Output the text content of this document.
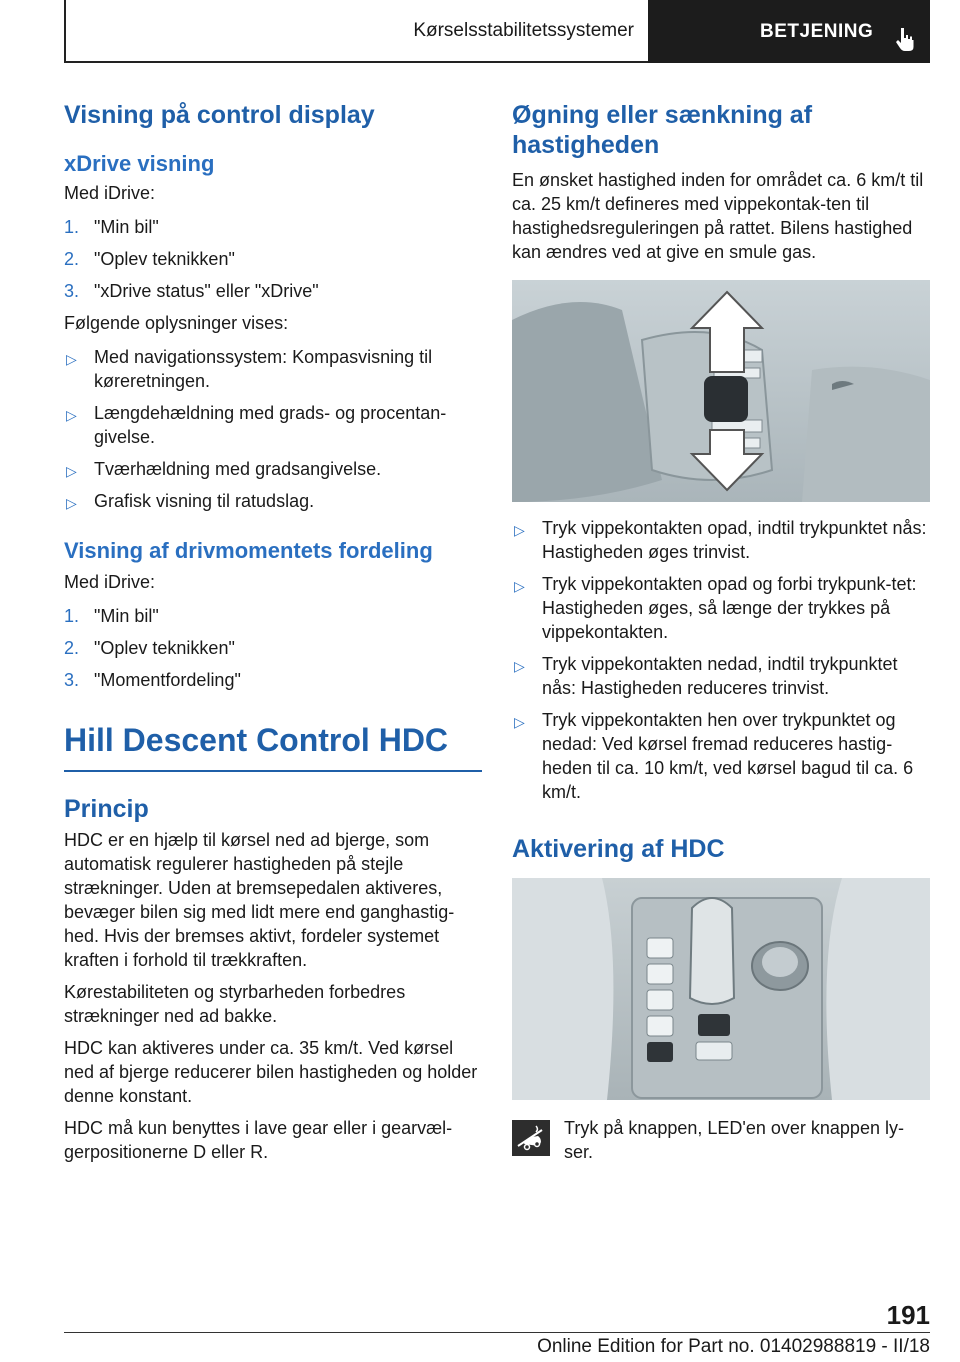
Kørselsstabilitetssystemer	BETJENING
Visning på control display
xDrive visning

Med iDrive:

1. "Min bil"
2. "Oplev teknikken"
3. "xDrive status" eller "xDrive"

Følgende oplysninger vises:

▷ Med navigationssystem: Kompasvisning til køreretningen.
▷ Længdehældning med grads- og procentan-givelse.
▷ Tværhældning med gradsangivelse.
▷ Grafisk visning til ratudslag.
Visning af drivmomentets fordeling

Med iDrive:

1. "Min bil"
2. "Oplev teknikken"
3. "Momentfordeling"
Hill Descent Control HDC
Princip

HDC er en hjælp til kørsel ned ad bjerge, som automatisk regulerer hastigheden på stejle strækninger. Uden at bremsepedalen aktiveres, bevæger bilen sig med lidt mere end ganghastig-hed. Hvis der bremses aktivt, fordeler systemet kraften i forhold til trækkraften.

Kørestabiliteten og styrbarheden forbedres strækninger ned ad bakke.

HDC kan aktiveres under ca. 35 km/t. Ved kørsel ned af bjerge reducerer bilen hastigheden og holder denne konstant.

HDC må kun benyttes i lave gear eller i gearvæl-gerpositionerne D eller R.

Øgning eller sænkning af hastigheden

En ønsket hastighed inden for området ca. 6 km/t til ca. 25 km/t defineres med vippekontak-ten til hastighedsreguleringen på rattet. Bilens hastighed kan ændres ved at give en smule gas.

▷ Tryk vippekontakten opad, indtil trykpunktet nås: Hastigheden øges trinvist.
▷ Tryk vippekontakten opad og forbi trykpunk-tet: Hastigheden øges, så længe der trykkes på vippekontakten.
▷ Tryk vippekontakten nedad, indtil trykpunktet nås: Hastigheden reduceres trinvist.
▷ Tryk vippekontakten hen over trykpunktet og nedad: Ved kørsel fremad reduceres hastig-heden til ca. 10 km/t, ved kørsel bagud til ca. 6 km/t.
Aktivering af HDC

Tryk på knappen, LED'en over knappen ly-ser.

191
Online Edition for Part no. 01402988819 - II/18
